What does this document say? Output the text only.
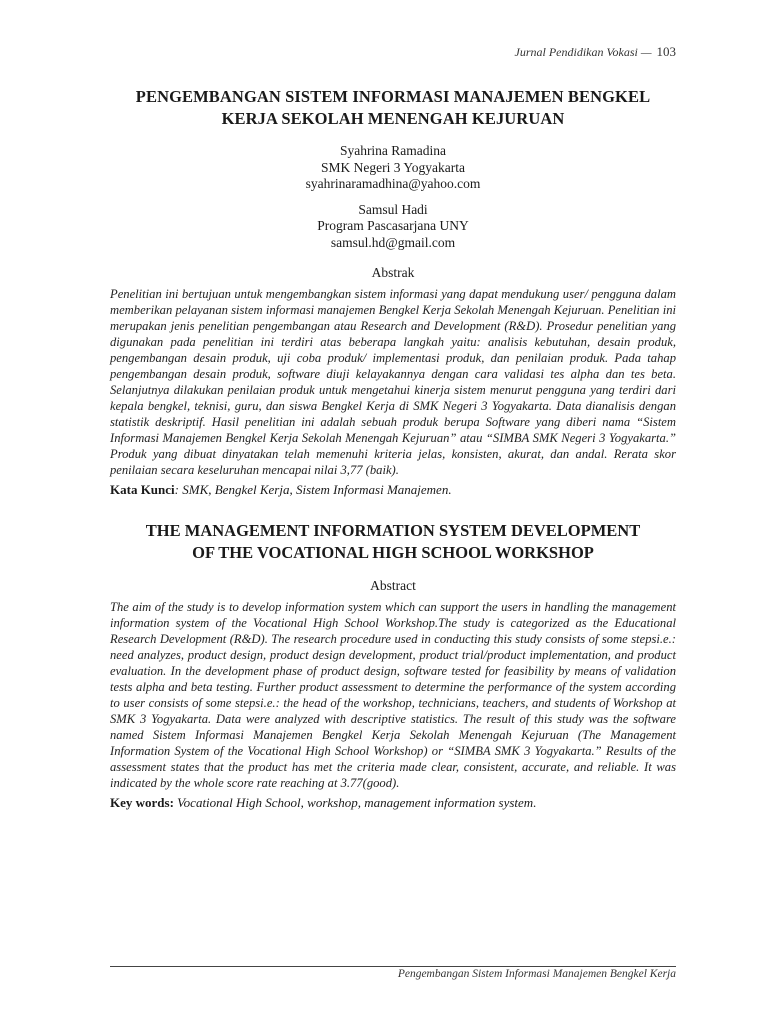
Jurnal Pendidikan Vokasi — 103
PENGEMBANGAN SISTEM INFORMASI MANAJEMEN BENGKEL
KERJA SEKOLAH MENENGAH KEJURUAN
Syahrina Ramadina
SMK Negeri 3 Yogyakarta
syahrinaramadhina@yahoo.com
Samsul Hadi
Program Pascasarjana UNY
samsul.hd@gmail.com
Abstrak

Penelitian ini bertujuan untuk mengembangkan sistem informasi yang dapat mendukung user/ pengguna dalam memberikan pelayanan sistem informasi manajemen Bengkel Kerja Sekolah Menengah Kejuruan. Penelitian ini merupakan jenis penelitian pengembangan atau Research and Development (R&D). Prosedur penelitian yang digunakan pada penelitian ini terdiri atas beberapa langkah yaitu: analisis kebutuhan, desain produk, pengembangan desain produk, uji coba produk/ implementasi produk, dan penilaian produk. Pada tahap pengembangan desain produk, software diuji kelayakannya dengan cara validasi tes alpha dan tes beta. Selanjutnya dilakukan penilaian produk untuk mengetahui kinerja sistem menurut pengguna yang terdiri dari kepala bengkel, teknisi, guru, dan siswa Bengkel Kerja di SMK Negeri 3 Yogyakarta. Data dianalisis dengan statistik deskriptif. Hasil penelitian ini adalah sebuah produk berupa Software yang diberi nama “Sistem Informasi Manajemen Bengkel Kerja Sekolah Menengah Kejuruan” atau “SIMBA SMK Negeri 3 Yogyakarta.” Produk yang dibuat dinyatakan telah memenuhi kriteria jelas, konsisten, akurat, dan andal. Rerata skor penilaian secara keseluruhan mencapai nilai 3,77 (baik).

Kata Kunci: SMK, Bengkel Kerja, Sistem Informasi Manajemen.
THE MANAGEMENT INFORMATION SYSTEM DEVELOPMENT
OF THE VOCATIONAL HIGH SCHOOL WORKSHOP
Abstract

The aim of the study is to develop information system which can support the users in handling the management information system of the Vocational High School Workshop.The study is categorized as the Educational Research Development (R&D). The research procedure used in conducting this study consists of some stepsi.e.: need analyzes, product design, product design development, product trial/product implementation, and product evaluation. In the development phase of product design, software tested for feasibility by means of validation tests alpha and beta testing. Further product assessment to determine the performance of the system according to user consists of some stepsi.e.: the head of the workshop, technicians, teachers, and students of Workshop at SMK 3 Yogyakarta. Data were analyzed with descriptive statistics. The result of this study was the software named Sistem Informasi Manajemen Bengkel Kerja Sekolah Menengah Kejuruan (The Management Information System of the Vocational High School Workshop) or “SIMBA SMK 3 Yogyakarta.” Results of the assessment states that the product has met the criteria made clear, consistent, accurate, and reliable. It was indicated by the whole score rate reaching at 3.77(good).

Key words: Vocational High School, workshop, management information system.
Pengembangan Sistem Informasi Manajemen Bengkel Kerja
